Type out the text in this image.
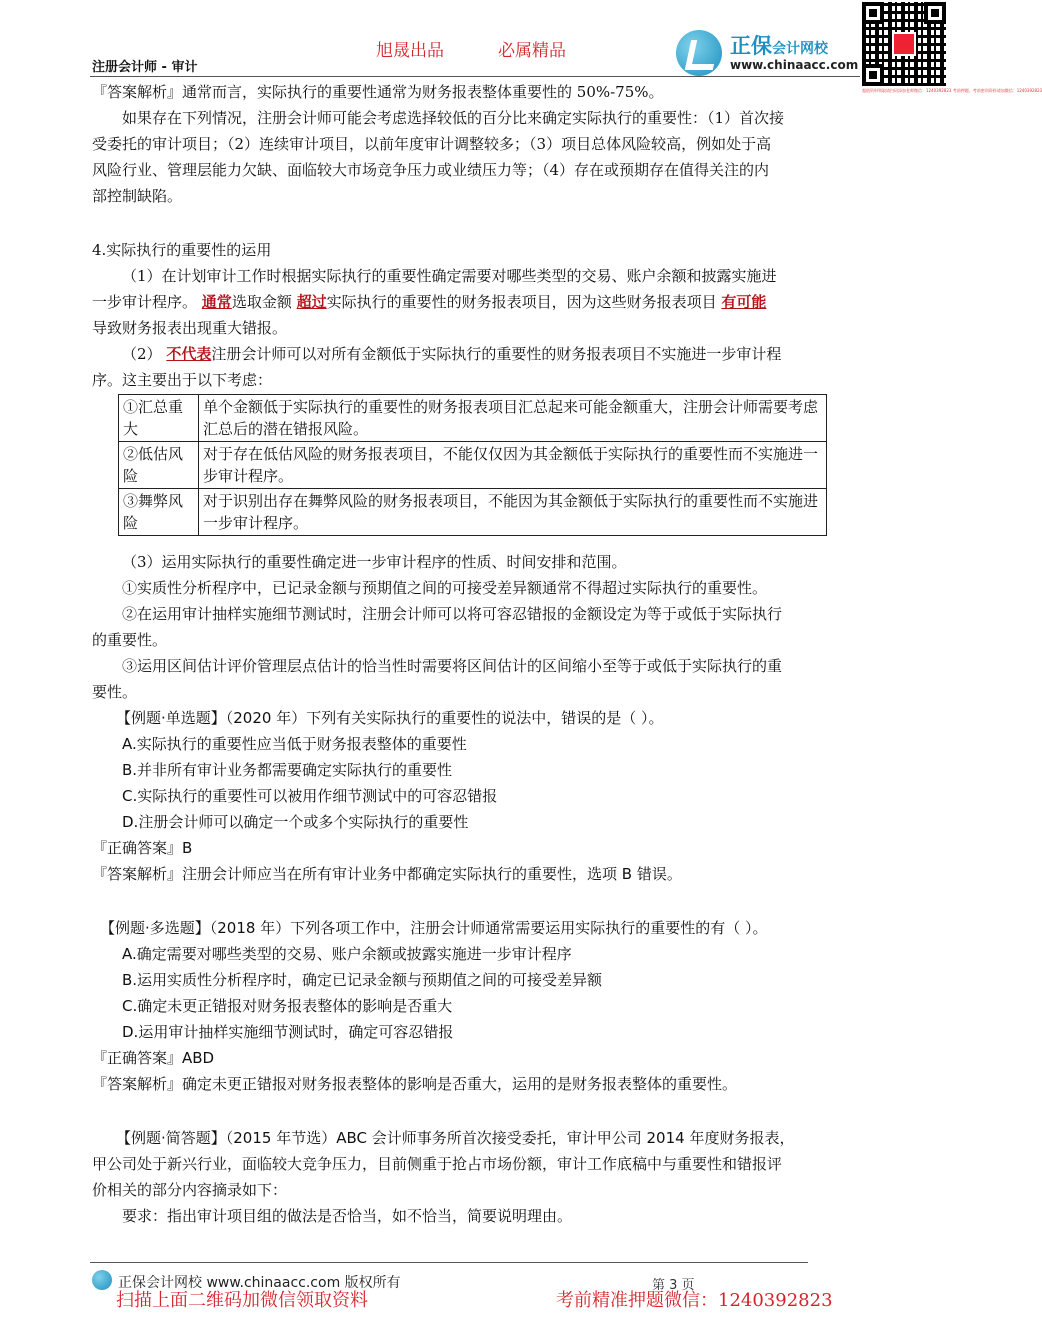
旭晟出品	必属精品
注册会计师 - 审计
正保会计网校
www.chinaacc.com
超值资料领取请扫码添加老师微信：1240392823 考前押题，考前密训资料请加微信：1240392823
『答案解析』通常而言，实际执行的重要性通常为财务报表整体重要性的 50%-75%。
如果存在下列情况，注册会计师可能会考虑选择较低的百分比来确定实际执行的重要性：（1）首次接
受委托的审计项目；（2）连续审计项目，以前年度审计调整较多；（3）项目总体风险较高，例如处于高
风险行业、管理层能力欠缺、面临较大市场竞争压力或业绩压力等；（4）存在或预期存在值得关注的内
部控制缺陷。
4.实际执行的重要性的运用
（1）在计划审计工作时根据实际执行的重要性确定需要对哪些类型的交易、账户余额和披露实施进
一步审计程序。 通常选取金额 超过实际执行的重要性的财务报表项目，因为这些财务报表项目 有可能
导致财务报表出现重大错报。
（2） 不代表注册会计师可以对所有金额低于实际执行的重要性的财务报表项目不实施进一步审计程
序。这主要出于以下考虑：
①汇总重大	单个金额低于实际执行的重要性的财务报表项目汇总起来可能金额重大，注册会计师需要考虑汇总后的潜在错报风险。
②低估风险	对于存在低估风险的财务报表项目，不能仅仅因为其金额低于实际执行的重要性而不实施进一步审计程序。
③舞弊风险	对于识别出存在舞弊风险的财务报表项目，不能因为其金额低于实际执行的重要性而不实施进一步审计程序。
（3）运用实际执行的重要性确定进一步审计程序的性质、时间安排和范围。
①实质性分析程序中，已记录金额与预期值之间的可接受差异额通常不得超过实际执行的重要性。
②在运用审计抽样实施细节测试时，注册会计师可以将可容忍错报的金额设定为等于或低于实际执行
的重要性。
③运用区间估计评价管理层点估计的恰当性时需要将区间估计的区间缩小至等于或低于实际执行的重
要性。
【例题·单选题】（2020 年）下列有关实际执行的重要性的说法中，错误的是（ ）。
A.实际执行的重要性应当低于财务报表整体的重要性
B.并非所有审计业务都需要确定实际执行的重要性
C.实际执行的重要性可以被用作细节测试中的可容忍错报
D.注册会计师可以确定一个或多个实际执行的重要性
『正确答案』B
『答案解析』注册会计师应当在所有审计业务中都确定实际执行的重要性，选项 B 错误。
【例题·多选题】（2018 年）下列各项工作中，注册会计师通常需要运用实际执行的重要性的有（ ）。
A.确定需要对哪些类型的交易、账户余额或披露实施进一步审计程序
B.运用实质性分析程序时，确定已记录金额与预期值之间的可接受差异额
C.确定未更正错报对财务报表整体的影响是否重大
D.运用审计抽样实施细节测试时，确定可容忍错报
『正确答案』ABD
『答案解析』确定未更正错报对财务报表整体的影响是否重大，运用的是财务报表整体的重要性。
【例题·简答题】（2015 年节选）ABC 会计师事务所首次接受委托，审计甲公司 2014 年度财务报表，
甲公司处于新兴行业，面临较大竞争压力，目前侧重于抢占市场份额，审计工作底稿中与重要性和错报评
价相关的部分内容摘录如下：
要求：指出审计项目组的做法是否恰当，如不恰当，简要说明理由。
正保会计网校 www.chinaacc.com 版权所有	第 3 页
扫描上面二维码加微信领取资料	考前精准押题微信：1240392823
